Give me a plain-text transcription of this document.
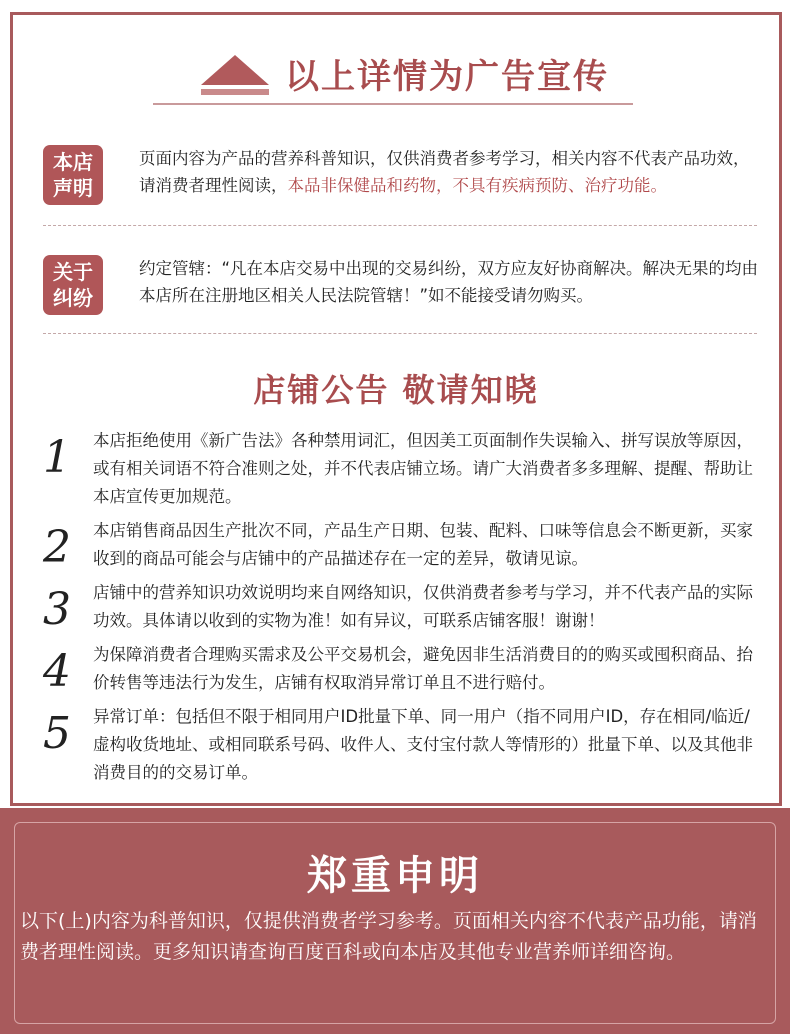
以上详情为广告宣传
本店
声明
页面内容为产品的营养科普知识，仅供消费者参考学习，相关内容不代表产品功效，请消费者理性阅读，本品非保健品和药物，不具有疾病预防、治疗功能。
关于
纠纷
约定管辖：“凡在本店交易中出现的交易纠纷，双方应友好协商解决。解决无果的均由本店所在注册地区相关人民法院管辖！”如不能接受请勿购买。
店铺公告 敬请知晓
1 本店拒绝使用《新广告法》各种禁用词汇，但因美工页面制作失误输入、拼写误放等原因，或有相关词语不符合准则之处，并不代表店铺立场。请广大消费者多多理解、提醒、帮助让本店宣传更加规范。
2 本店销售商品因生产批次不同，产品生产日期、包装、配料、口味等信息会不断更新，买家收到的商品可能会与店铺中的产品描述存在一定的差异，敬请见谅。
3 店铺中的营养知识功效说明均来自网络知识，仅供消费者参考与学习，并不代表产品的实际功效。具体请以收到的实物为准！如有异议，可联系店铺客服！谢谢！
4 为保障消费者合理购买需求及公平交易机会，避免因非生活消费目的的购买或囤积商品、抬价转售等违法行为发生，店铺有权取消异常订单且不进行赔付。
5 异常订单：包括但不限于相同用户ID批量下单、同一用户（指不同用户ID，存在相同/临近/虚构收货地址、或相同联系号码、收件人、支付宝付款人等情形的）批量下单、以及其他非消费目的的交易订单。
郑重申明
以下(上)内容为科普知识，仅提供消费者学习参考。页面相关内容不代表产品功能，请消费者理性阅读。更多知识请查询百度百科或向本店及其他专业营养师详细咨询。
